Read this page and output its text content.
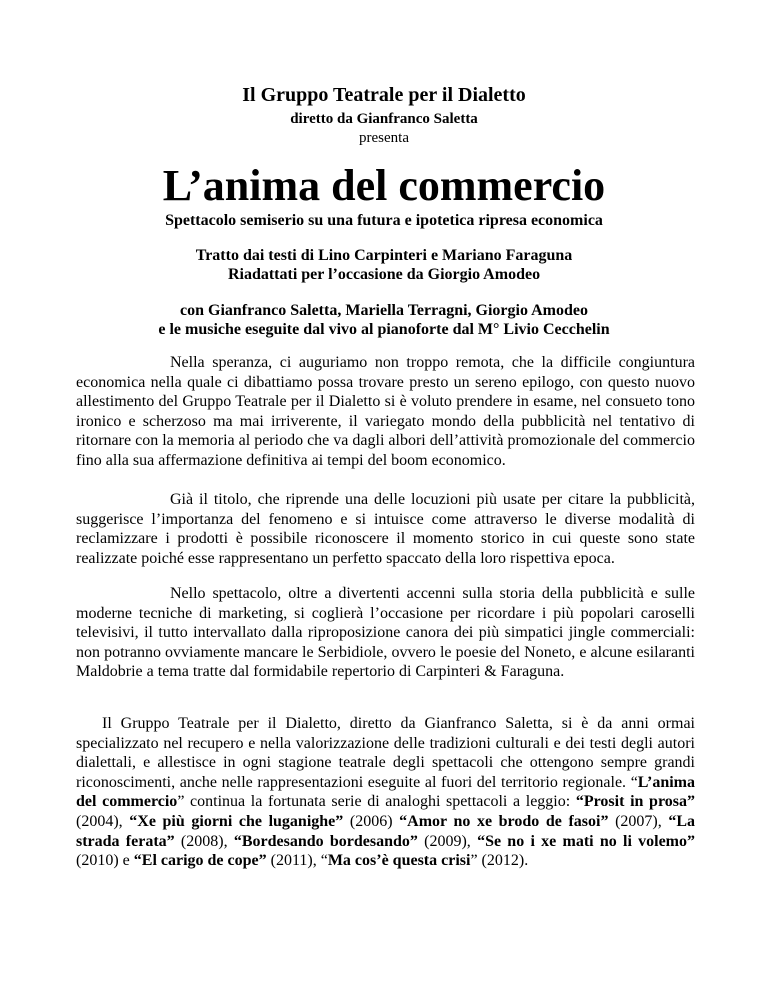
Il Gruppo Teatrale per il Dialetto
diretto da Gianfranco Saletta
presenta
L’anima del commercio
Spettacolo semiserio su una futura e ipotetica ripresa economica
Tratto dai testi di Lino Carpinteri e Mariano Faraguna
Riadattati per l’occasione da Giorgio Amodeo
con Gianfranco Saletta, Mariella Terragni, Giorgio Amodeo
e le musiche eseguite dal vivo al pianoforte dal M° Livio Cecchelin

Nella speranza, ci auguriamo non troppo remota, che la difficile congiuntura economica nella quale ci dibattiamo possa trovare presto un sereno epilogo, con questo nuovo allestimento del Gruppo Teatrale per il Dialetto si è voluto prendere in esame, nel consueto tono ironico e scherzoso ma mai irriverente, il variegato mondo della pubblicità nel tentativo di ritornare con la memoria al periodo che va dagli albori dell’attività promozionale del commercio fino alla sua affermazione definitiva ai tempi del boom economico.

Già il titolo, che riprende una delle locuzioni più usate per citare la pubblicità, suggerisce l’importanza del fenomeno e si intuisce come attraverso le diverse modalità di reclamizzare i prodotti è possibile riconoscere il momento storico in cui queste sono state realizzate poiché esse rappresentano un perfetto spaccato della loro rispettiva epoca.

Nello spettacolo, oltre a divertenti accenni sulla storia della pubblicità e sulle moderne tecniche di marketing, si coglierà l’occasione per ricordare i più popolari caroselli televisivi, il tutto intervallato dalla riproposizione canora dei più simpatici jingle commerciali: non potranno ovviamente mancare le Serbidiole, ovvero le poesie del Noneto, e alcune esilaranti Maldobrie a tema tratte dal formidabile repertorio di Carpinteri & Faraguna.

Il Gruppo Teatrale per il Dialetto, diretto da Gianfranco Saletta, si è da anni ormai specializzato nel recupero e nella valorizzazione delle tradizioni culturali e dei testi degli autori dialettali, e allestisce in ogni stagione teatrale degli spettacoli che ottengono sempre grandi riconoscimenti, anche nelle rappresentazioni eseguite al fuori del territorio regionale. “L’anima del commercio” continua la fortunata serie di analoghi spettacoli a leggio: “Prosit in prosa” (2004), “Xe più giorni che luganighe” (2006) “Amor no xe brodo de fasoi” (2007), “La strada ferata” (2008), “Bordesando bordesando” (2009), “Se no i xe mati no li volemo” (2010) e “El carigo de cope” (2011), “Ma cos’è questa crisi” (2012).
